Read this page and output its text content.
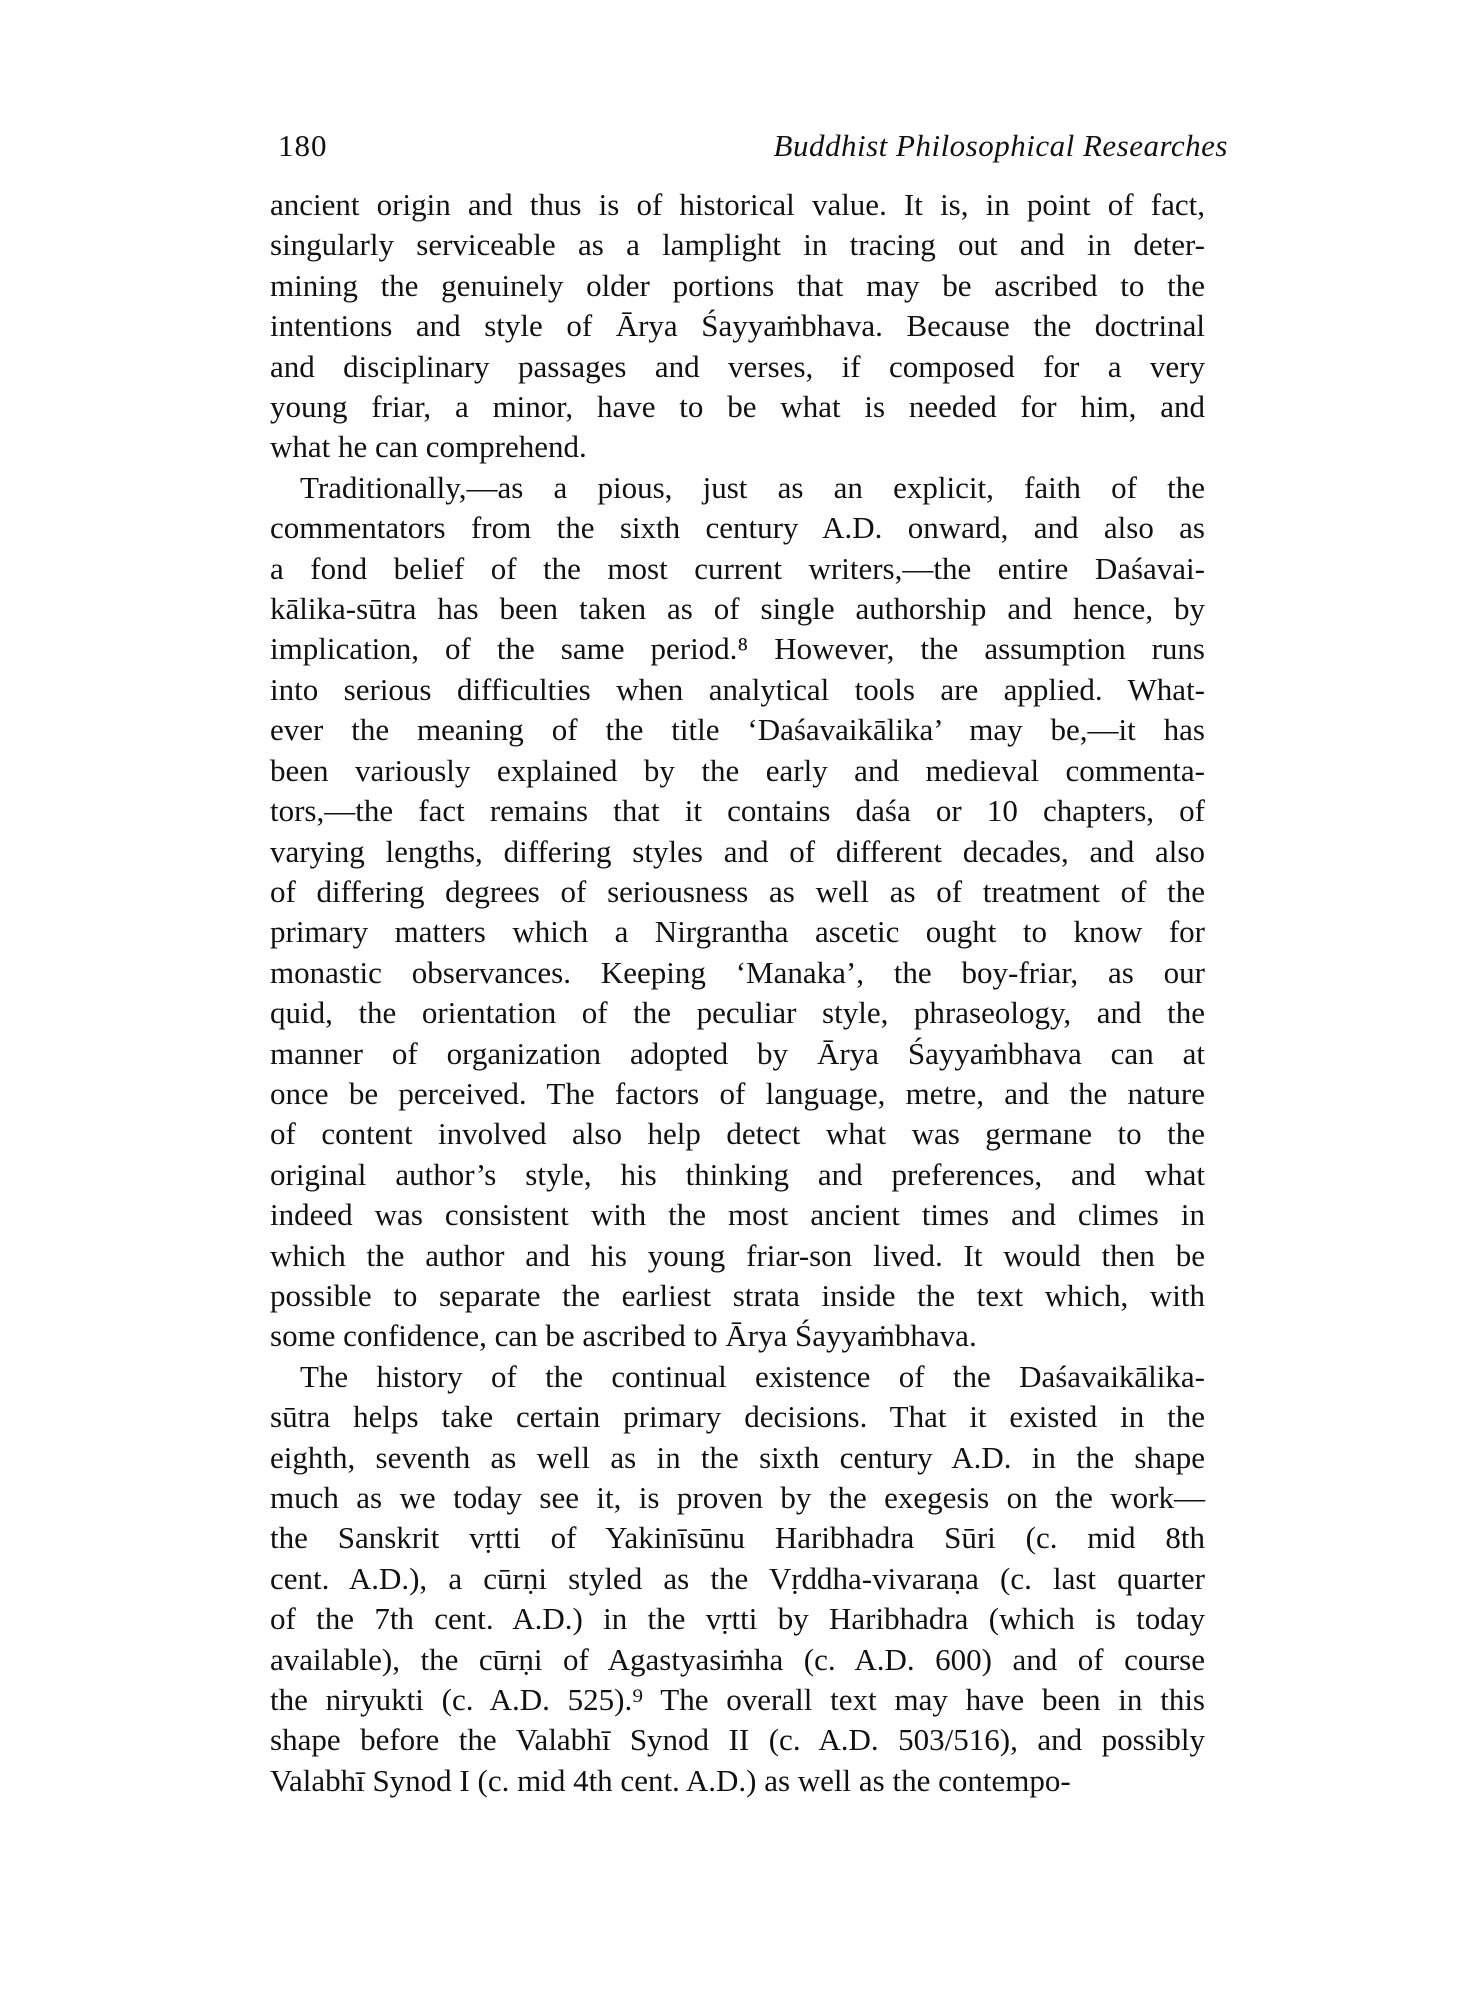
180	Buddhist Philosophical Researches
ancient origin and thus is of historical value. It is, in point of fact,
singularly serviceable as a lamplight in tracing out and in deter-
mining the genuinely older portions that may be ascribed to the
intentions and style of Ārya Śayyaṁbhava. Because the doctrinal
and disciplinary passages and verses, if composed for a very
young friar, a minor, have to be what is needed for him, and
what he can comprehend.
Traditionally,—as a pious, just as an explicit, faith of the
commentators from the sixth century A.D. onward, and also as
a fond belief of the most current writers,—the entire Daśavai-
kālika-sūtra has been taken as of single authorship and hence, by
implication, of the same period.⁸ However, the assumption runs
into serious difficulties when analytical tools are applied. What-
ever the meaning of the title ‘Daśavaikālika’ may be,—it has
been variously explained by the early and medieval commenta-
tors,—the fact remains that it contains daśa or 10 chapters, of
varying lengths, differing styles and of different decades, and also
of differing degrees of seriousness as well as of treatment of the
primary matters which a Nirgrantha ascetic ought to know for
monastic observances. Keeping ‘Manaka’, the boy-friar, as our
quid, the orientation of the peculiar style, phraseology, and the
manner of organization adopted by Ārya Śayyaṁbhava can at
once be perceived. The factors of language, metre, and the nature
of content involved also help detect what was germane to the
original author’s style, his thinking and preferences, and what
indeed was consistent with the most ancient times and climes in
which the author and his young friar-son lived. It would then be
possible to separate the earliest strata inside the text which, with
some confidence, can be ascribed to Ārya Śayyaṁbhava.
The history of the continual existence of the Daśavaikālika-
sūtra helps take certain primary decisions. That it existed in the
eighth, seventh as well as in the sixth century A.D. in the shape
much as we today see it, is proven by the exegesis on the work—
the Sanskrit vṛtti of Yakinīsūnu Haribhadra Sūri (c. mid 8th
cent. A.D.), a cūrṇi styled as the Vṛddha-vivaraṇa (c. last quarter
of the 7th cent. A.D.) in the vṛtti by Haribhadra (which is today
available), the cūrṇi of Agastyasiṁha (c. A.D. 600) and of course
the niryukti (c. A.D. 525).⁹ The overall text may have been in this
shape before the Valabhī Synod II (c. A.D. 503/516), and possibly
Valabhī Synod I (c. mid 4th cent. A.D.) as well as the contempo-
